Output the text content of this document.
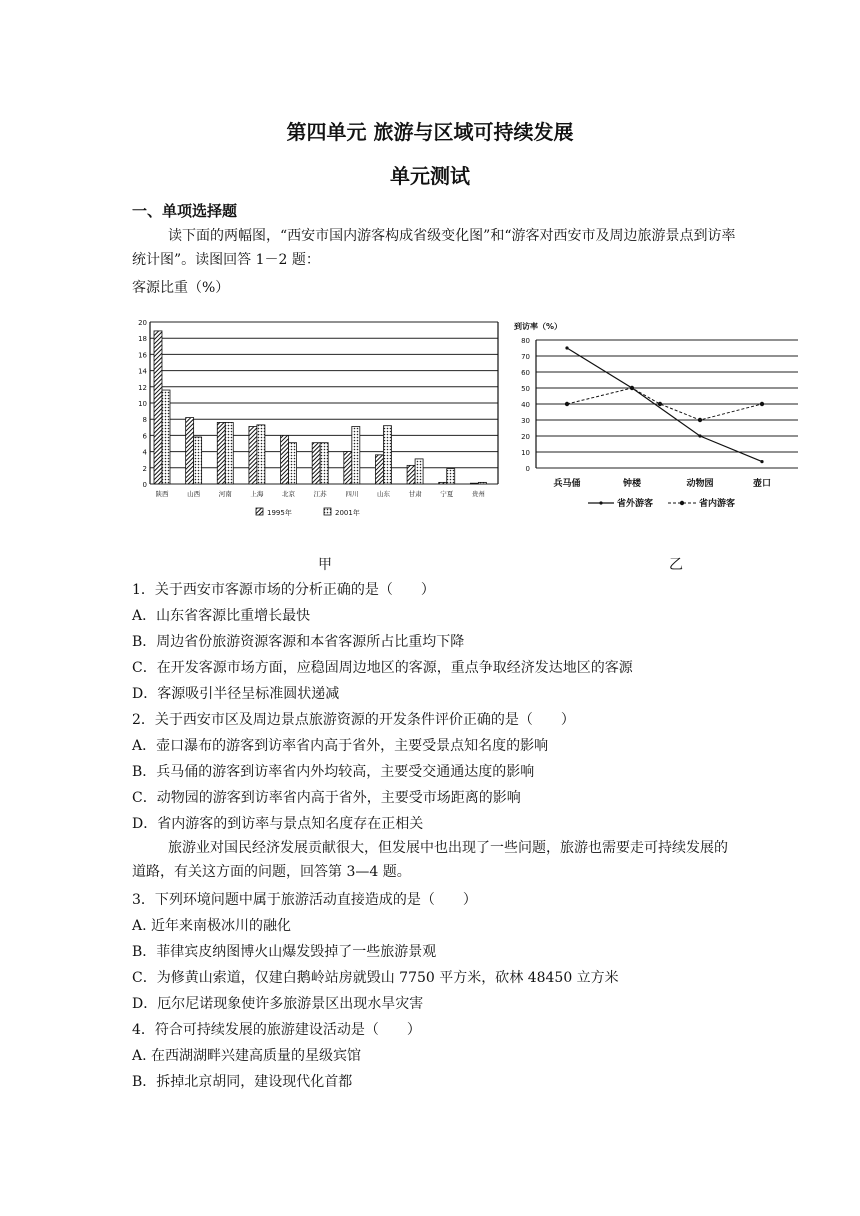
第四单元 旅游与区域可持续发展
单元测试
一、单项选择题
读下面的两幅图，“西安市国内游客构成省级变化图”和“游客对西安市及周边旅游景点到访率统计图”。读图回答 1－2 题：
客源比重（%）
0
2
4
6
8
10
12
14
16
18
20
陕西	山西	河南	上海	北京	江苏	四川	山东	甘肃	宁夏	贵州
1995年	2001年
到访率（%）
0
10
20
30
40
50
60
70
80
兵马俑	钟楼	动物园	壶口
省外游客	省内游客
甲	乙
1．关于西安市客源市场的分析正确的是（　　）
A．山东省客源比重增长最快
B．周边省份旅游资源客源和本省客源所占比重均下降
C．在开发客源市场方面，应稳固周边地区的客源，重点争取经济发达地区的客源
D．客源吸引半径呈标准圆状递减
2．关于西安市区及周边景点旅游资源的开发条件评价正确的是（　　）
A．壶口瀑布的游客到访率省内高于省外，主要受景点知名度的影响
B．兵马俑的游客到访率省内外均较高，主要受交通通达度的影响
C．动物园的游客到访率省内高于省外，主要受市场距离的影响
D．省内游客的到访率与景点知名度存在正相关
旅游业对国民经济发展贡献很大，但发展中也出现了一些问题，旅游也需要走可持续发展的道路，有关这方面的问题，回答第 3—4 题。
3．下列环境问题中属于旅游活动直接造成的是（　　）
A. 近年来南极冰川的融化
B．菲律宾皮纳图博火山爆发毁掉了一些旅游景观
C．为修黄山索道，仅建白鹅岭站房就毁山 7750 平方米，砍林 48450 立方米
D．厄尔尼诺现象使许多旅游景区出现水旱灾害
4．符合可持续发展的旅游建设活动是（　　）
A. 在西湖湖畔兴建高质量的星级宾馆
B．拆掉北京胡同，建设现代化首都
